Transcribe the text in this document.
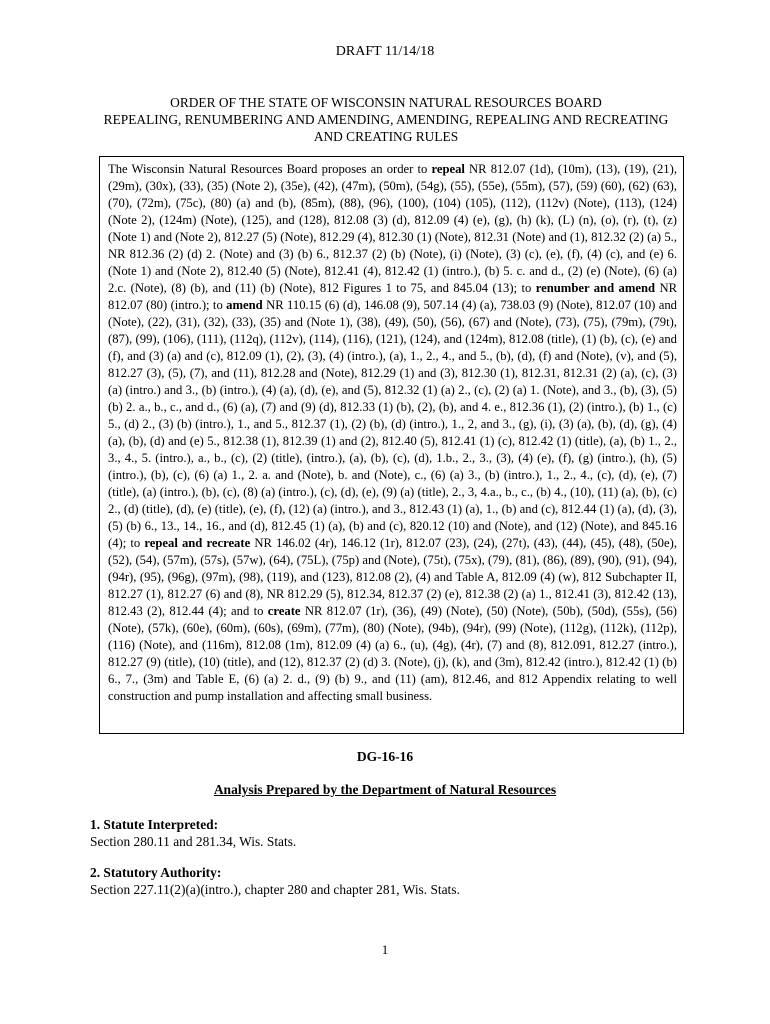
DRAFT 11/14/18
ORDER OF THE STATE OF WISCONSIN NATURAL RESOURCES BOARD
REPEALING, RENUMBERING AND AMENDING, AMENDING, REPEALING AND RECREATING
AND CREATING RULES
The Wisconsin Natural Resources Board proposes an order to repeal NR 812.07 (1d), (10m), (13), (19), (21), (29m), (30x), (33), (35) (Note 2), (35e), (42), (47m), (50m), (54g), (55), (55e), (55m), (57), (59) (60), (62) (63), (70), (72m), (75c), (80) (a) and (b), (85m), (88), (96), (100), (104) (105), (112), (112v) (Note), (113), (124) (Note 2), (124m) (Note), (125), and (128), 812.08 (3) (d), 812.09 (4) (e), (g), (h) (k), (L) (n), (o), (r), (t), (z) (Note 1) and (Note 2), 812.27 (5) (Note), 812.29 (4), 812.30 (1) (Note), 812.31 (Note) and (1), 812.32 (2) (a) 5., NR 812.36 (2) (d) 2. (Note) and (3) (b) 6., 812.37 (2) (b) (Note), (i) (Note), (3) (c), (e), (f), (4) (c), and (e) 6. (Note 1) and (Note 2), 812.40 (5) (Note), 812.41 (4), 812.42 (1) (intro.), (b) 5. c. and d., (2) (e) (Note), (6) (a) 2.c. (Note), (8) (b), and (11) (b) (Note), 812 Figures 1 to 75, and 845.04 (13); to renumber and amend NR 812.07 (80) (intro.); to amend NR 110.15 (6) (d), 146.08 (9), 507.14 (4) (a), 738.03 (9) (Note), 812.07 (10) and (Note), (22), (31), (32), (33), (35) and (Note 1), (38), (49), (50), (56), (67) and (Note), (73), (75), (79m), (79t), (87), (99), (106), (111), (112q), (112v), (114), (116), (121), (124), and (124m), 812.08 (title), (1) (b), (c), (e) and (f), and (3) (a) and (c), 812.09 (1), (2), (3), (4) (intro.), (a), 1., 2., 4., and 5., (b), (d), (f) and (Note), (v), and (5), 812.27 (3), (5), (7), and (11), 812.28 and (Note), 812.29 (1) and (3), 812.30 (1), 812.31, 812.31 (2) (a), (c), (3) (a) (intro.) and 3., (b) (intro.), (4) (a), (d), (e), and (5), 812.32 (1) (a) 2., (c), (2) (a) 1. (Note), and 3., (b), (3), (5) (b) 2. a., b., c., and d., (6) (a), (7) and (9) (d), 812.33 (1) (b), (2), (b), and 4. e., 812.36 (1), (2) (intro.), (b) 1., (c) 5., (d) 2., (3) (b) (intro.), 1., and 5., 812.37 (1), (2) (b), (d) (intro.), 1., 2, and 3., (g), (i), (3) (a), (b), (d), (g), (4) (a), (b), (d) and (e) 5., 812.38 (1), 812.39 (1) and (2), 812.40 (5), 812.41 (1) (c), 812.42 (1) (title), (a), (b) 1., 2., 3., 4., 5. (intro.), a., b., (c), (2) (title), (intro.), (a), (b), (c), (d), 1.b., 2., 3., (3), (4) (e), (f), (g) (intro.), (h), (5) (intro.), (b), (c), (6) (a) 1., 2. a. and (Note), b. and (Note), c., (6) (a) 3., (b) (intro.), 1., 2., 4., (c), (d), (e), (7) (title), (a) (intro.), (b), (c), (8) (a) (intro.), (c), (d), (e), (9) (a) (title), 2., 3, 4.a., b., c., (b) 4., (10), (11) (a), (b), (c) 2., (d) (title), (d), (e) (title), (e), (f), (12) (a) (intro.), and 3., 812.43 (1) (a), 1., (b) and (c), 812.44 (1) (a), (d), (3), (5) (b) 6., 13., 14., 16., and (d), 812.45 (1) (a), (b) and (c), 820.12 (10) and (Note), and (12) (Note), and 845.16 (4); to repeal and recreate NR 146.02 (4r), 146.12 (1r), 812.07 (23), (24), (27t), (43), (44), (45), (48), (50e), (52), (54), (57m), (57s), (57w), (64), (75L), (75p) and (Note), (75t), (75x), (79), (81), (86), (89), (90), (91), (94), (94r), (95), (96g), (97m), (98), (119), and (123), 812.08 (2), (4) and Table A, 812.09 (4) (w), 812 Subchapter II, 812.27 (1), 812.27 (6) and (8), NR 812.29 (5), 812.34, 812.37 (2) (e), 812.38 (2) (a) 1., 812.41 (3), 812.42 (13), 812.43 (2), 812.44 (4); and to create NR 812.07 (1r), (36), (49) (Note), (50) (Note), (50b), (50d), (55s), (56) (Note), (57k), (60e), (60m), (60s), (69m), (77m), (80) (Note), (94b), (94r), (99) (Note), (112g), (112k), (112p), (116) (Note), and (116m), 812.08 (1m), 812.09 (4) (a) 6., (u), (4g), (4r), (7) and (8), 812.091, 812.27 (intro.), 812.27 (9) (title), (10) (title), and (12), 812.37 (2) (d) 3. (Note), (j), (k), and (3m), 812.42 (intro.), 812.42 (1) (b) 6., 7., (3m) and Table E, (6) (a) 2. d., (9) (b) 9., and (11) (am), 812.46, and 812 Appendix relating to well construction and pump installation and affecting small business.
DG-16-16
Analysis Prepared by the Department of Natural Resources
1. Statute Interpreted:
Section 280.11 and 281.34, Wis. Stats.
2. Statutory Authority:
Section 227.11(2)(a)(intro.), chapter 280 and chapter 281, Wis. Stats.
1
